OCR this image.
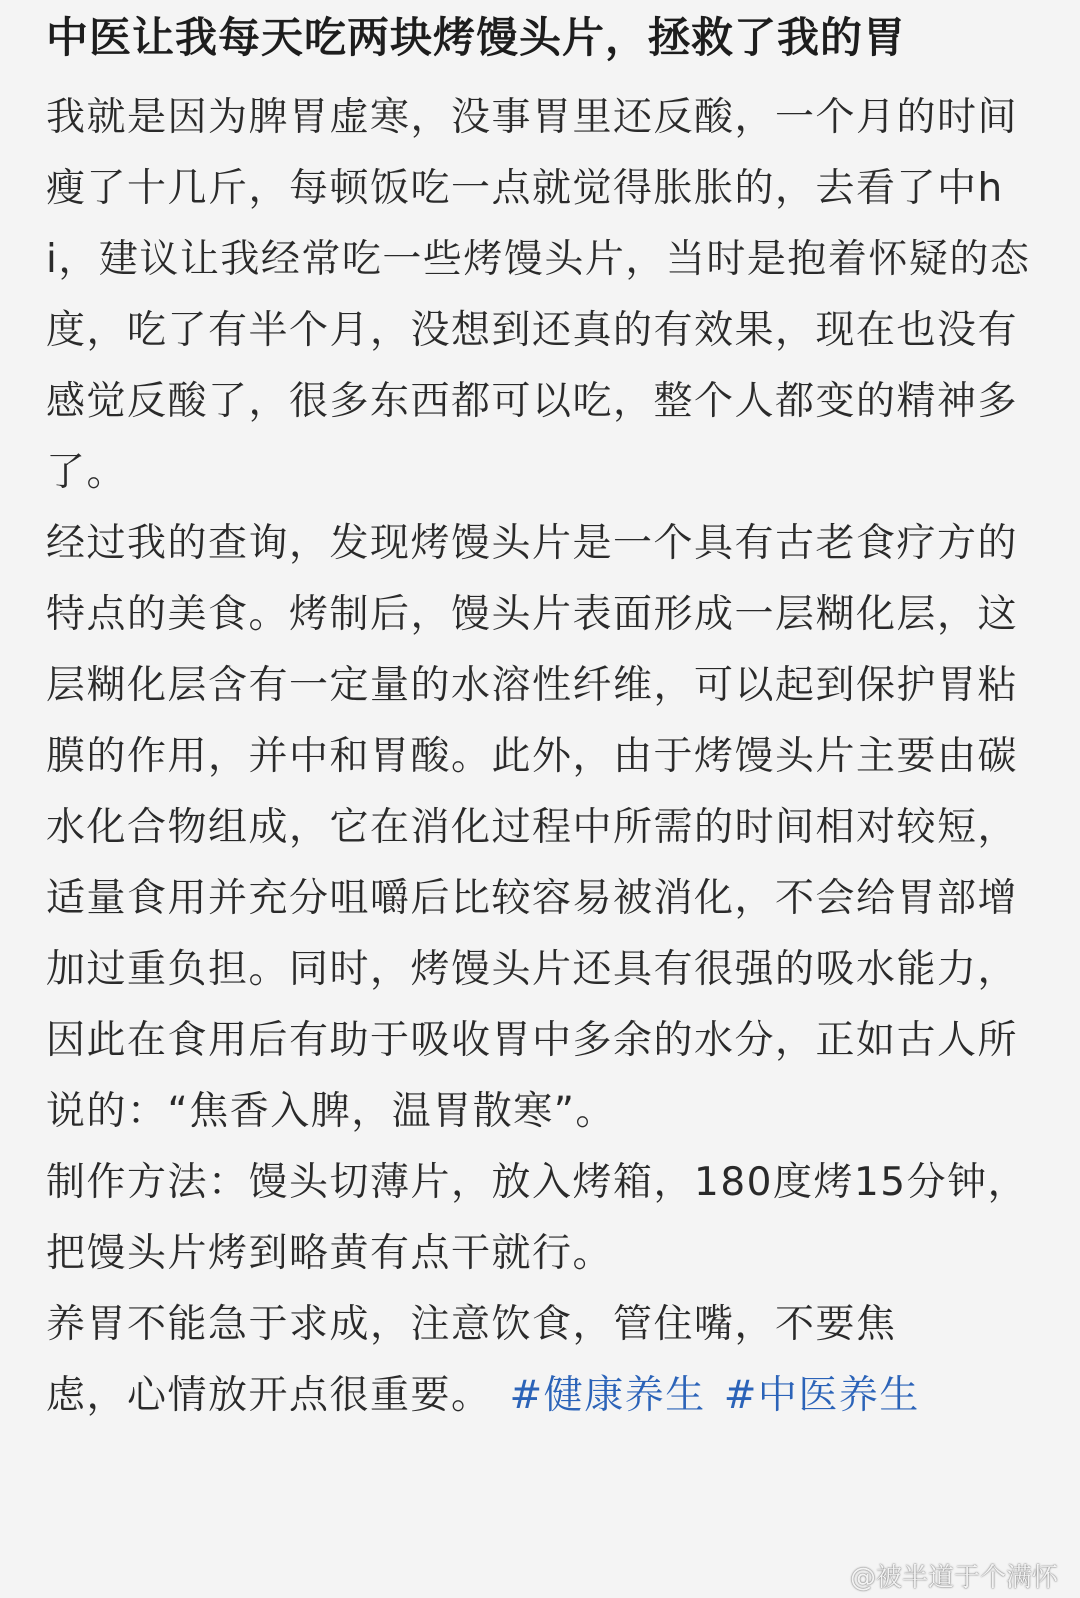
中医让我每天吃两块烤馒头片，拯救了我的胃

我就是因为脾胃虚寒，没事胃里还反酸，一个月的时间瘦了十几斤，每顿饭吃一点就觉得胀胀的，去看了中hi，建议让我经常吃一些烤馒头片，当时是抱着怀疑的态度，吃了有半个月，没想到还真的有效果，现在也没有感觉反酸了，很多东西都可以吃，整个人都变的精神多了。

经过我的查询，发现烤馒头片是一个具有古老食疗方的特点的美食。烤制后，馒头片表面形成一层糊化层，这层糊化层含有一定量的水溶性纤维，可以起到保护胃粘膜的作用，并中和胃酸。此外，由于烤馒头片主要由碳水化合物组成，它在消化过程中所需的时间相对较短，适量食用并充分咀嚼后比较容易被消化，不会给胃部增加过重负担。同时，烤馒头片还具有很强的吸水能力，因此在食用后有助于吸收胃中多余的水分，正如古人所说的：“焦香入脾，温胃散寒”。

制作方法：馒头切薄片，放入烤箱，180度烤15分钟，把馒头片烤到略黄有点干就行。

养胃不能急于求成，注意饮食，管住嘴，不要焦
虑，心情放开点很重要。 #健康养生 #中医养生

@被半道于个满怀
